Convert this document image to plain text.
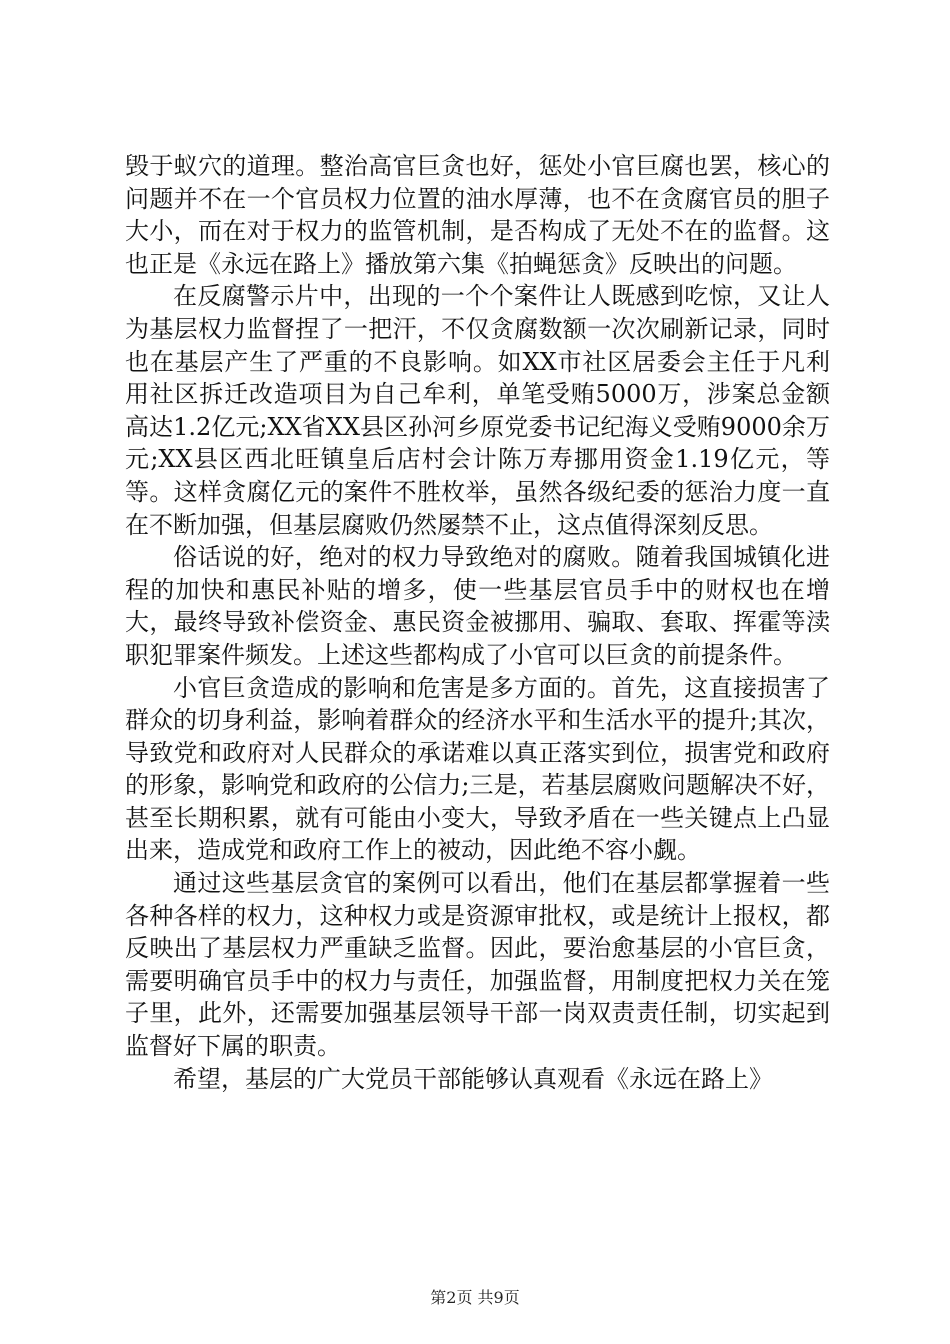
毁于蚁穴的道理。整治高官巨贪也好，惩处小官巨腐也罢，核心的问题并不在一个官员权力位置的油水厚薄，也不在贪腐官员的胆子大小，而在对于权力的监管机制，是否构成了无处不在的监督。这也正是《永远在路上》播放第六集《拍蝇惩贪》反映出的问题。

在反腐警示片中，出现的一个个案件让人既感到吃惊，又让人为基层权力监督捏了一把汗，不仅贪腐数额一次次刷新记录，同时也在基层产生了严重的不良影响。如XX市社区居委会主任于凡利用社区拆迁改造项目为自己牟利，单笔受贿5000万，涉案总金额高达1.2亿元;XX省XX县区孙河乡原党委书记纪海义受贿9000余万元;XX县区西北旺镇皇后店村会计陈万寿挪用资金1.19亿元，等等。这样贪腐亿元的案件不胜枚举，虽然各级纪委的惩治力度一直在不断加强，但基层腐败仍然屡禁不止，这点值得深刻反思。

俗话说的好，绝对的权力导致绝对的腐败。随着我国城镇化进程的加快和惠民补贴的增多，使一些基层官员手中的财权也在增大，最终导致补偿资金、惠民资金被挪用、骗取、套取、挥霍等渎职犯罪案件频发。上述这些都构成了小官可以巨贪的前提条件。

小官巨贪造成的影响和危害是多方面的。首先，这直接损害了群众的切身利益，影响着群众的经济水平和生活水平的提升;其次，导致党和政府对人民群众的承诺难以真正落实到位，损害党和政府的形象，影响党和政府的公信力;三是，若基层腐败问题解决不好，甚至长期积累，就有可能由小变大，导致矛盾在一些关键点上凸显出来，造成党和政府工作上的被动，因此绝不容小觑。

通过这些基层贪官的案例可以看出，他们在基层都掌握着一些各种各样的权力，这种权力或是资源审批权，或是统计上报权，都反映出了基层权力严重缺乏监督。因此，要治愈基层的小官巨贪，需要明确官员手中的权力与责任，加强监督，用制度把权力关在笼子里，此外，还需要加强基层领导干部一岗双责责任制，切实起到监督好下属的职责。

希望，基层的广大党员干部能够认真观看《永远在路上》

第2页 共9页
